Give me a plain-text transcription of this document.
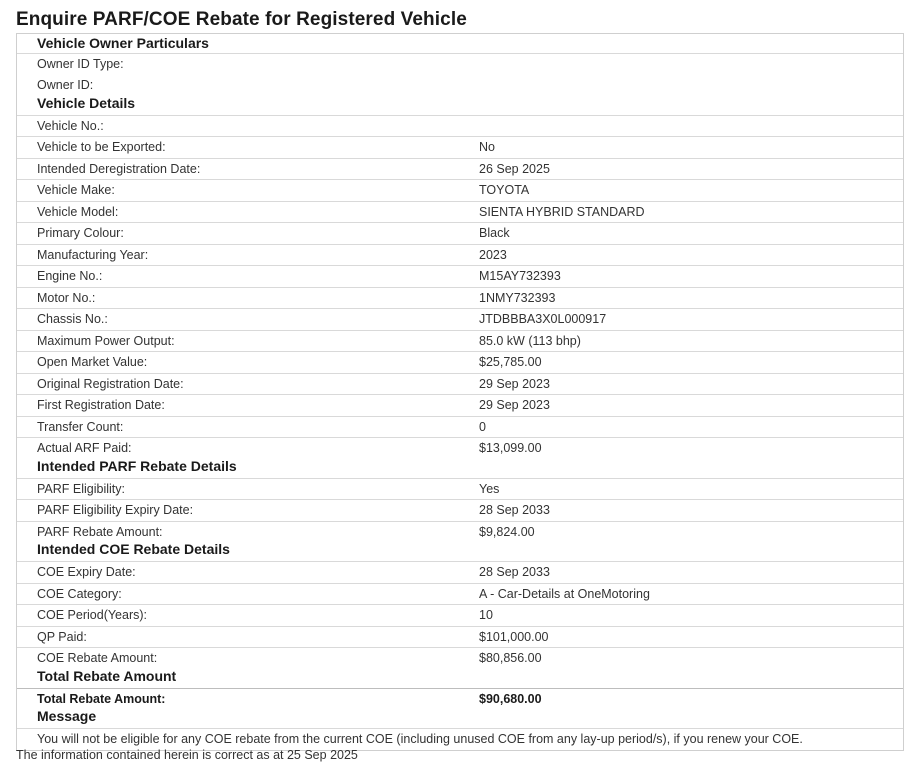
Enquire PARF/COE Rebate for Registered Vehicle
Vehicle Owner Particulars
Owner ID Type:
Owner ID:
Vehicle Details
Vehicle No.:
Vehicle to be Exported:	No
Intended Deregistration Date:	26 Sep 2025
Vehicle Make:	TOYOTA
Vehicle Model:	SIENTA HYBRID STANDARD
Primary Colour:	Black
Manufacturing Year:	2023
Engine No.:	M15AY732393
Motor No.:	1NMY732393
Chassis No.:	JTDBBBA3X0L000917
Maximum Power Output:	85.0 kW (113 bhp)
Open Market Value:	$25,785.00
Original Registration Date:	29 Sep 2023
First Registration Date:	29 Sep 2023
Transfer Count:	0
Actual ARF Paid:	$13,099.00
Intended PARF Rebate Details
PARF Eligibility:	Yes
PARF Eligibility Expiry Date:	28 Sep 2033
PARF Rebate Amount:	$9,824.00
Intended COE Rebate Details
COE Expiry Date:	28 Sep 2033
COE Category:	A - Car-Details at OneMotoring
COE Period(Years):	10
QP Paid:	$101,000.00
COE Rebate Amount:	$80,856.00
Total Rebate Amount
Total Rebate Amount:	$90,680.00
Message
You will not be eligible for any COE rebate from the current COE (including unused COE from any lay-up period/s), if you renew your COE.
The information contained herein is correct as at 25 Sep 2025
